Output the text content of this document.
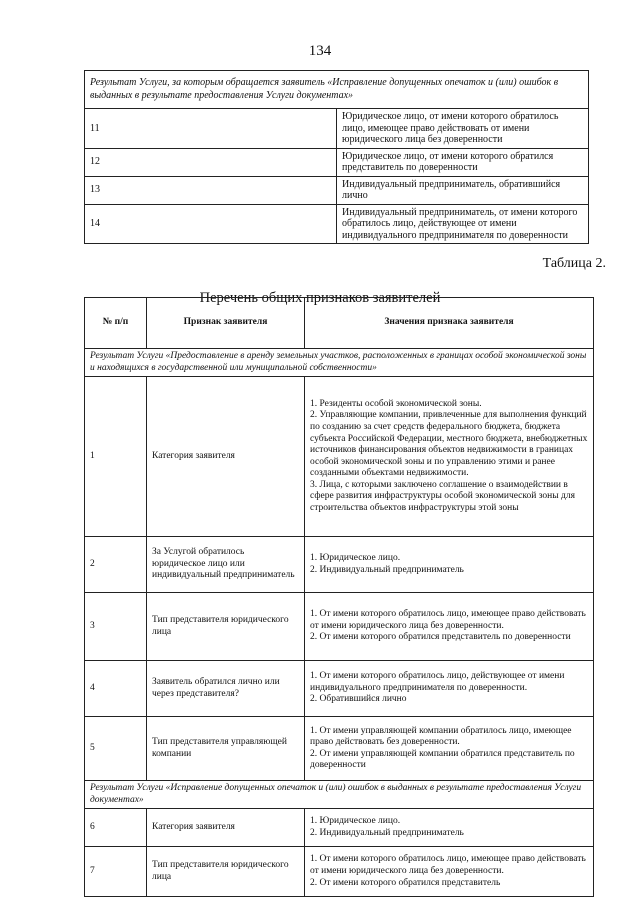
134
Результат Услуги, за которым обращается заявитель «Исправление допущенных опечаток и (или) ошибок в выданных в результате предоставления Услуги документах»	
11	Юридическое лицо, от имени которого обратилось лицо, имеющее право действовать от имени юридического лица без доверенности
12	Юридическое лицо, от имени которого обратился представитель по доверенности
13	Индивидуальный предприниматель, обратившийся лично
14	Индивидуальный предприниматель, от имени которого обратилось лицо, действующее от имени индивидуального предпринимателя по доверенности
Таблица 2.
Перечень общих признаков заявителей
№ п/п	Признак заявителя	Значения признака заявителя
Результат Услуги «Предоставление в аренду земельных участков, расположенных в границах особой экономической зоны и находящихся в государственной или муниципальной собственности»		
1	Категория заявителя	1. Резиденты особой экономической зоны.
2. Управляющие компании, привлеченные для выполнения функций по созданию за счет средств федерального бюджета, бюджета субъекта Российской Федерации, местного бюджета, внебюджетных источников финансирования объектов недвижимости в границах особой экономической зоны и по управлению этими и ранее созданными объектами недвижимости.
3. Лица, с которыми заключено соглашение о взаимодействии в сфере развития инфраструктуры особой экономической зоны для строительства объектов инфраструктуры этой зоны
2	За Услугой обратилось юридическое лицо или индивидуальный предприниматель	1. Юридическое лицо.
2. Индивидуальный предприниматель
3	Тип представителя юридического лица	1. От имени которого обратилось лицо, имеющее право действовать от имени юридического лица без доверенности.
2. От имени которого обратился представитель по доверенности
4	Заявитель обратился лично или через представителя?	1. От имени которого обратилось лицо, действующее от имени индивидуального предпринимателя по доверенности.
2. Обратившийся лично
5	Тип представителя управляющей компании	1. От имени управляющей компании обратилось лицо, имеющее право действовать без доверенности.
2. От имени управляющей компании обратился представитель по доверенности
Результат Услуги «Исправление допущенных опечаток и (или) ошибок в выданных в результате предоставления Услуги документах»		
6	Категория заявителя	1. Юридическое лицо.
2. Индивидуальный предприниматель
7	Тип представителя юридического лица	1. От имени которого обратилось лицо, имеющее право действовать от имени юридического лица без доверенности.
2. От имени которого обратился представитель
